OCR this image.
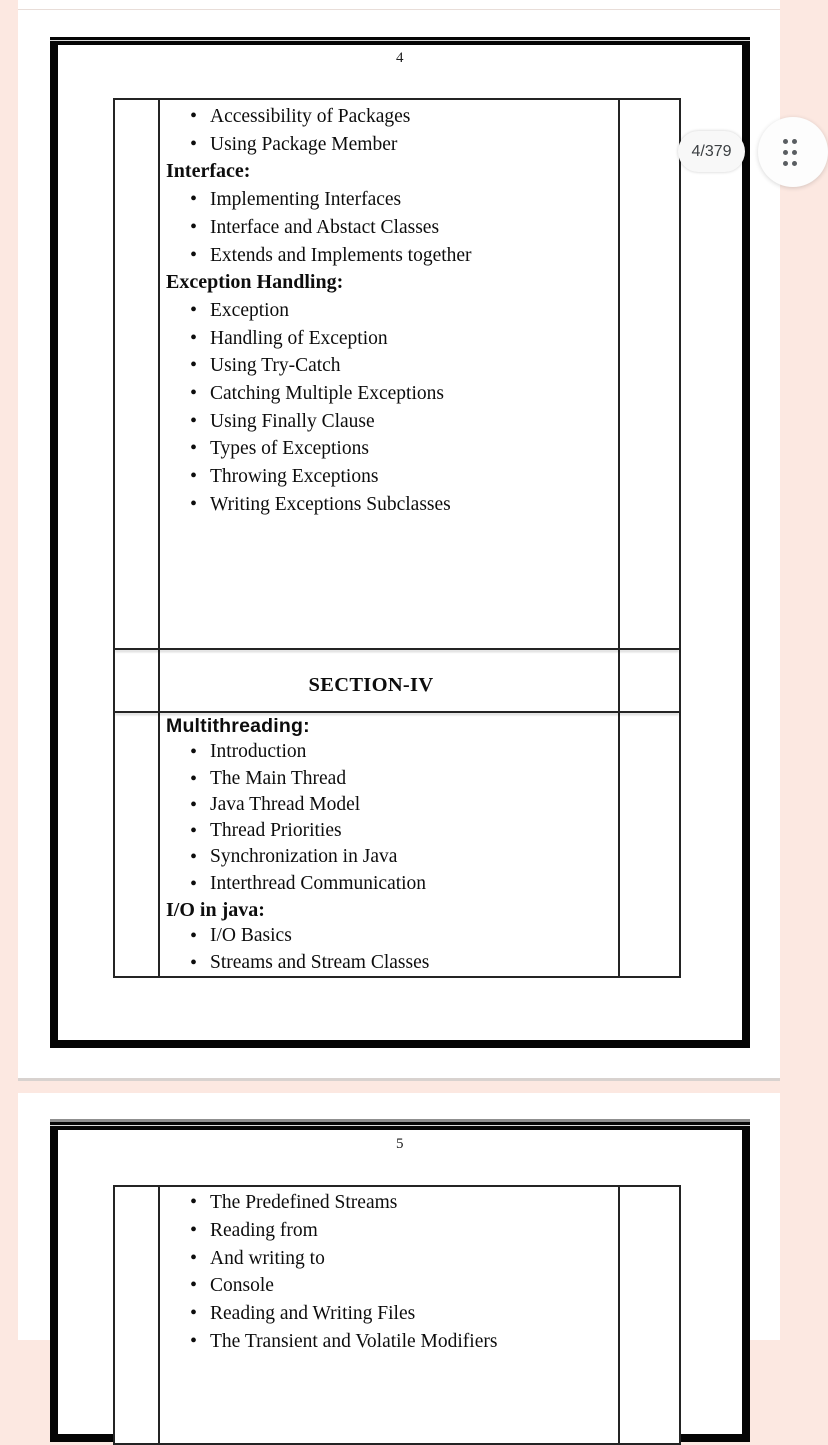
4
•
Accessibility of Packages
•
Using Package Member
Interface:
•
Implementing Interfaces
•
Interface and Abstact Classes
•
Extends and Implements together
Exception Handling:
•
Exception
•
Handling of Exception
•
Using Try-Catch
•
Catching Multiple Exceptions
•
Using Finally Clause
•
Types of Exceptions
•
Throwing Exceptions
•
Writing Exceptions Subclasses
SECTION-IV
Multithreading:
•
Introduction
•
The Main Thread
•
Java Thread Model
•
Thread Priorities
•
Synchronization in Java
•
Interthread Communication
I/O in java:
•
I/O Basics
•
Streams and Stream Classes
5
•
The Predefined Streams
•
Reading from
•
And writing to
•
Console
•
Reading and Writing Files
•
The Transient and Volatile Modifiers
4/379
